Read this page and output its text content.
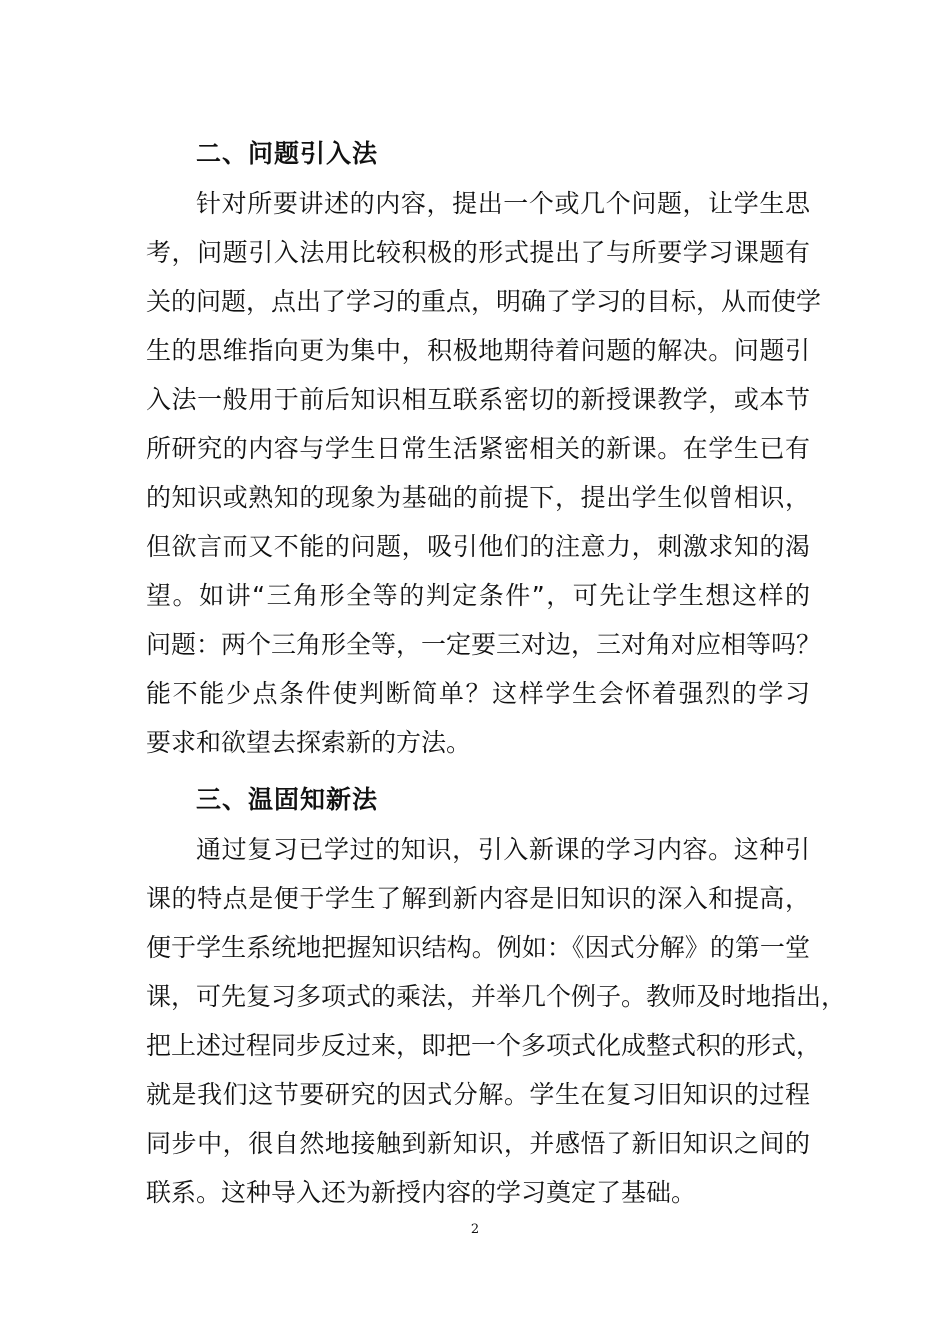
二、问题引入法
针对所要讲述的内容，提出一个或几个问题，让学生思
考，问题引入法用比较积极的形式提出了与所要学习课题有
关的问题，点出了学习的重点，明确了学习的目标，从而使学
生的思维指向更为集中，积极地期待着问题的解决。问题引
入法一般用于前后知识相互联系密切的新授课教学，或本节
所研究的内容与学生日常生活紧密相关的新课。在学生已有
的知识或熟知的现象为基础的前提下，提出学生似曾相识，
但欲言而又不能的问题，吸引他们的注意力，刺激求知的渴
望。如讲“三角形全等的判定条件”，可先让学生想这样的
问题：两个三角形全等，一定要三对边，三对角对应相等吗？
能不能少点条件使判断简单？这样学生会怀着强烈的学习
要求和欲望去探索新的方法。
三、温固知新法
通过复习已学过的知识，引入新课的学习内容。这种引
课的特点是便于学生了解到新内容是旧知识的深入和提高，
便于学生系统地把握知识结构。例如：《因式分解》的第一堂
课，可先复习多项式的乘法，并举几个例子。教师及时地指出，
把上述过程同步反过来，即把一个多项式化成整式积的形式，
就是我们这节要研究的因式分解。学生在复习旧知识的过程
同步中，很自然地接触到新知识，并感悟了新旧知识之间的
联系。这种导入还为新授内容的学习奠定了基础。
2
